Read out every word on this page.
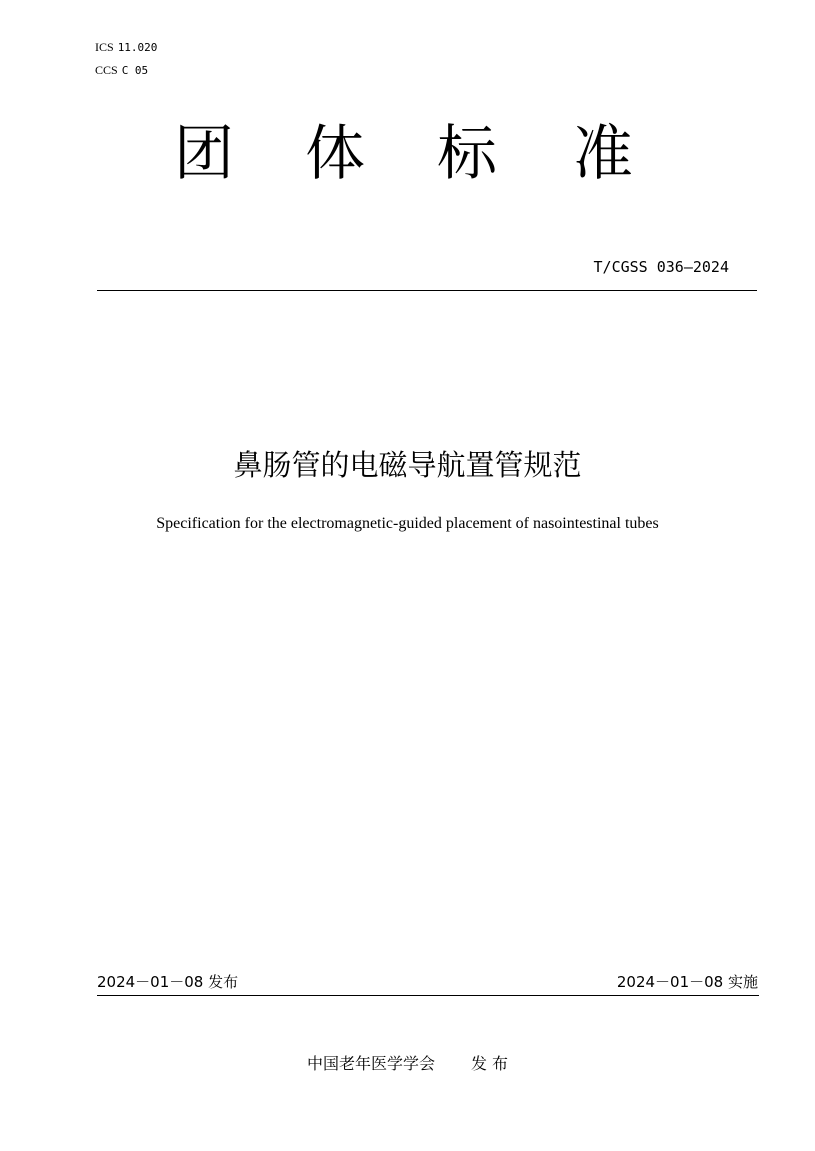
ICS 11.020
CCS C 05
团 体 标 准
T/CGSS 036—2024
鼻肠管的电磁导航置管规范
Specification for the electromagnetic-guided placement of nasointestinal tubes
2024－01－08 发布	2024－01－08 实施
中国老年医学学会 发 布
